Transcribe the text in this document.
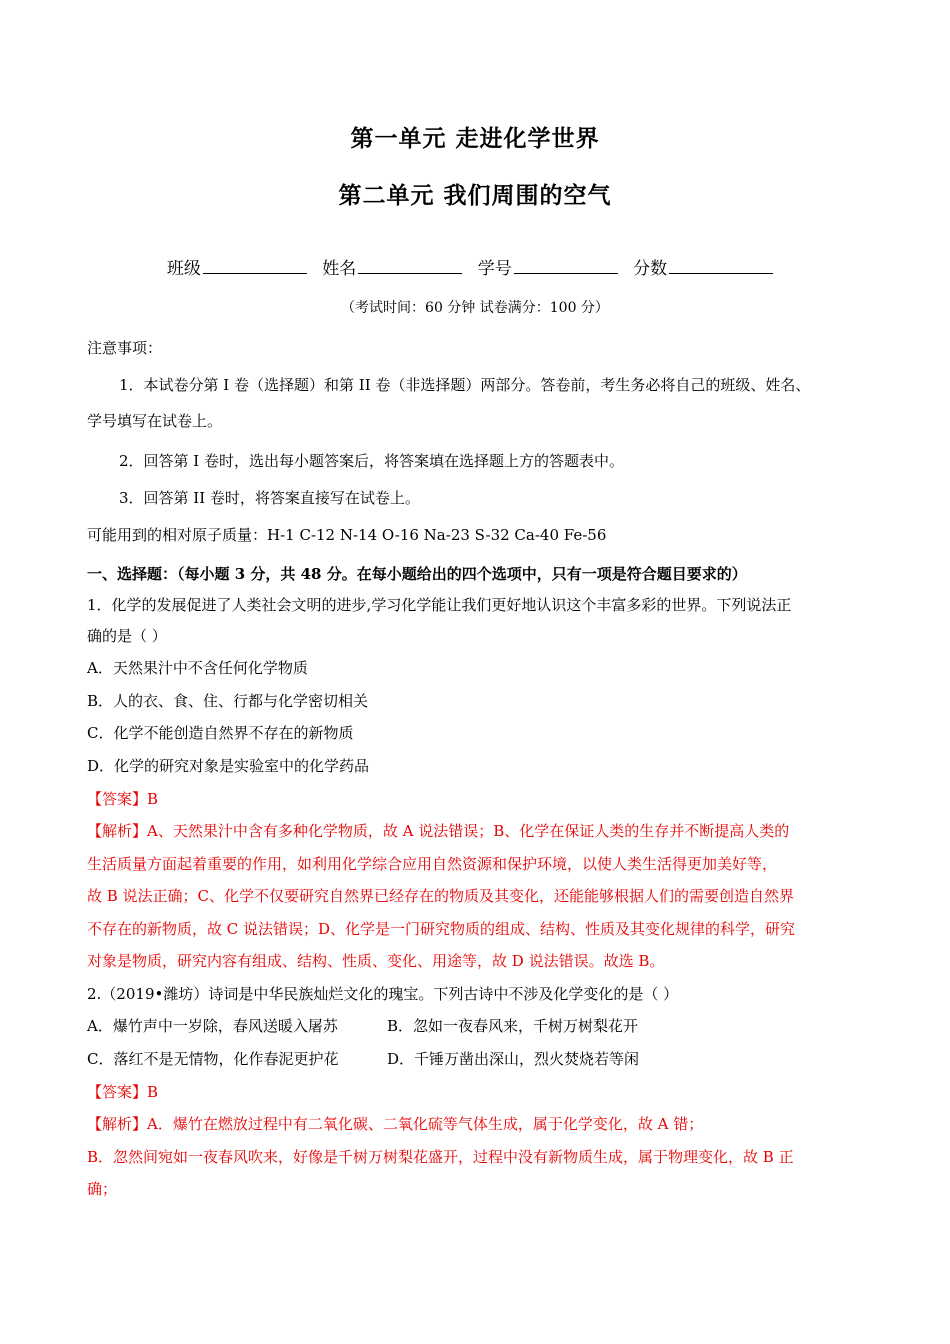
第一单元 走进化学世界
第二单元 我们周围的空气
班级	姓名	学号	分数
（考试时间：60 分钟 试卷满分：100 分）
注意事项：
1．本试卷分第 I 卷（选择题）和第 II 卷（非选择题）两部分。答卷前，考生务必将自己的班级、姓名、
学号填写在试卷上。
2．回答第 I 卷时，选出每小题答案后，将答案填在选择题上方的答题表中。
3．回答第 II 卷时，将答案直接写在试卷上。
可能用到的相对原子质量：H-1 C-12 N-14 O-16 Na-23 S-32 Ca-40 Fe-56
一、选择题：（每小题 3 分，共 48 分。在每小题给出的四个选项中，只有一项是符合题目要求的）
1．化学的发展促进了人类社会文明的进步,学习化学能让我们更好地认识这个丰富多彩的世界。下列说法正
确的是（ ）
A．天然果汁中不含任何化学物质
B．人的衣、食、住、行都与化学密切相关
C．化学不能创造自然界不存在的新物质
D．化学的研究对象是实验室中的化学药品
【答案】B
【解析】A、天然果汁中含有多种化学物质，故 A 说法错误；B、化学在保证人类的生存并不断提高人类的
生活质量方面起着重要的作用，如利用化学综合应用自然资源和保护环境，以使人类生活得更加美好等，
故 B 说法正确；C、化学不仅要研究自然界已经存在的物质及其变化，还能能够根据人们的需要创造自然界
不存在的新物质，故 C 说法错误；D、化学是一门研究物质的组成、结构、性质及其变化规律的科学，研究
对象是物质，研究内容有组成、结构、性质、变化、用途等，故 D 说法错误。故选 B。
2.（2019•潍坊）诗词是中华民族灿烂文化的瑰宝。下列古诗中不涉及化学变化的是（ ）
A．爆竹声中一岁除，春风送暖入屠苏	B．忽如一夜春风来，千树万树梨花开
C．落红不是无情物，化作春泥更护花	D．千锤万凿出深山，烈火焚烧若等闲
【答案】B
【解析】A．爆竹在燃放过程中有二氧化碳、二氧化硫等气体生成，属于化学变化，故 A 错；
B．忽然间宛如一夜春风吹来，好像是千树万树梨花盛开，过程中没有新物质生成，属于物理变化，故 B 正
确；
